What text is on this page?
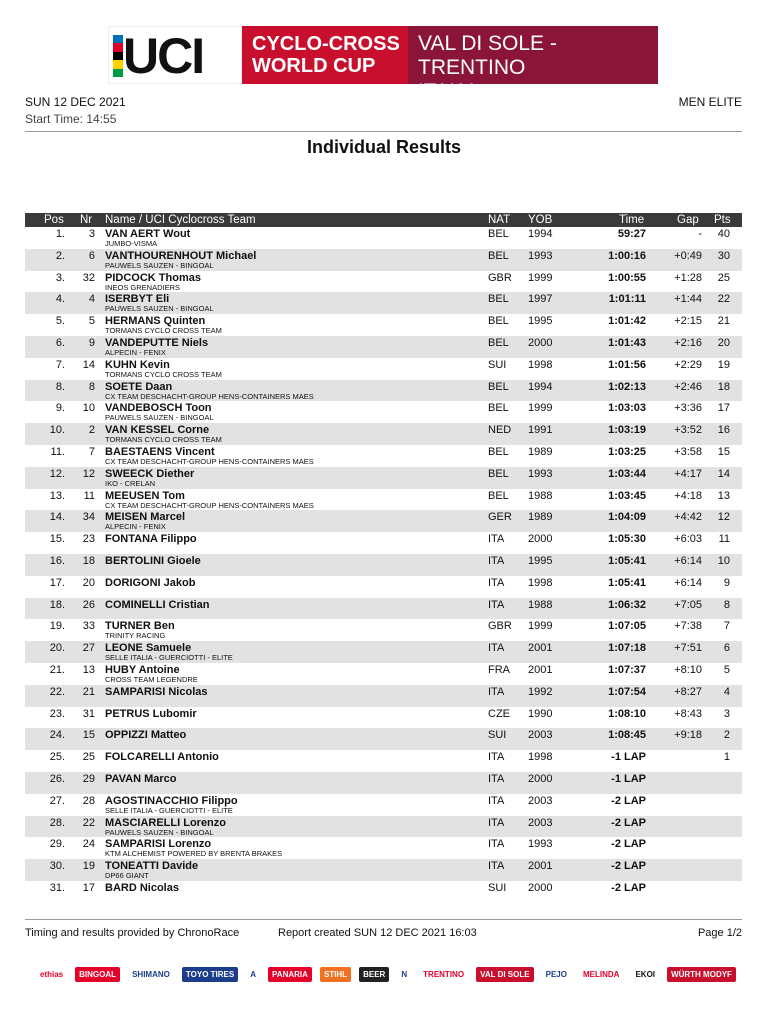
UCI CYCLO-CROSS
WORLD CUP
VAL DI SOLE - TRENTINO
ITALY
SUN 12 DEC 2021
Start Time: 14:55
MEN ELITE
Individual Results
Pos Nr Name / UCI Cyclocross Team	NAT YOB	Time	Gap Pts
1.	3 VAN AERT Wout
JUMBO-VISMA
BEL 1994	59:27	-	40
2.	6 VANTHOURENHOUT Michael
PAUWELS SAUZEN - BINGOAL
BEL 1993	1:00:16	+0:49	30
3.	32 PIDCOCK Thomas
INEOS GRENADIERS
GBR 1999	1:00:55	+1:28	25
4.	4 ISERBYT Eli
PAUWELS SAUZEN - BINGOAL
BEL 1997	1:01:11	+1:44	22
5.	5 HERMANS Quinten
TORMANS CYCLO CROSS TEAM
BEL 1995	1:01:42	+2:15	21
6.	9 VANDEPUTTE Niels
ALPECIN - FENIX
BEL 2000	1:01:43	+2:16	20
7.	14 KUHN Kevin
TORMANS CYCLO CROSS TEAM
SUI 1998	1:01:56	+2:29	19
8.	8 SOETE Daan
CX TEAM DESCHACHT-GROUP HENS-CONTAINERS MAES
BEL 1994	1:02:13	+2:46	18
9.	10 VANDEBOSCH Toon
PAUWELS SAUZEN - BINGOAL
BEL 1999	1:03:03	+3:36	17
10.	2 VAN KESSEL Corne
TORMANS CYCLO CROSS TEAM
NED 1991	1:03:19	+3:52	16
11.	7 BAESTAENS Vincent
CX TEAM DESCHACHT-GROUP HENS-CONTAINERS MAES
BEL 1989	1:03:25	+3:58	15
12.	12 SWEECK Diether
IKO - CRELAN
BEL 1993	1:03:44	+4:17	14
13.	11 MEEUSEN Tom
CX TEAM DESCHACHT-GROUP HENS-CONTAINERS MAES
BEL 1988	1:03:45	+4:18	13
14.	34 MEISEN Marcel
ALPECIN - FENIX
GER 1989	1:04:09	+4:42	12
15.	23 FONTANA Filippo	ITA 2000	1:05:30	+6:03	11
16.	18 BERTOLINI Gioele	ITA 1995	1:05:41	+6:14	10
17.	20 DORIGONI Jakob	ITA 1998	1:05:41	+6:14	9
18.	26 COMINELLI Cristian	ITA 1988	1:06:32	+7:05	8
19.	33 TURNER Ben
TRINITY RACING
GBR 1999	1:07:05	+7:38	7
20.	27 LEONE Samuele
SELLE ITALIA - GUERCIOTTI - ELITE
ITA 2001	1:07:18	+7:51	6
21.	13 HUBY Antoine
CROSS TEAM LEGENDRE
FRA 2001	1:07:37	+8:10	5
22.	21 SAMPARISI Nicolas	ITA 1992	1:07:54	+8:27	4
23.	31 PETRUS Lubomir	CZE 1990	1:08:10	+8:43	3
24.	15 OPPIZZI Matteo	SUI 2003	1:08:45	+9:18	2
25.	25 FOLCARELLI Antonio	ITA 1998	-1 LAP	1
26.	29 PAVAN Marco	ITA 2000	-1 LAP
27.	28 AGOSTINACCHIO Filippo
SELLE ITALIA - GUERCIOTTI - ELITE
ITA 2003	-2 LAP
28.	22 MASCIARELLI Lorenzo
PAUWELS SAUZEN - BINGOAL
ITA 2003	-2 LAP
29.	24 SAMPARISI Lorenzo
KTM ALCHEMIST POWERED BY BRENTA BRAKES
ITA 1993	-2 LAP
30.	19 TONEATTI Davide
DP66 GIANT
ITA 2001	-2 LAP
31.	17 BARD Nicolas	SUI 2000	-2 LAP
Timing and results provided by ChronoRace	Report created SUN 12 DEC 2021 16:03	Page 1/2
ethias	BINGOAL	SHIMANO	TOYO TIRES	A	PANARIA	STIHL	BEER	N	TRENTINO	VAL DI SOLE	PEJO	MELINDA	EKOI	WÜRTH MODYF
